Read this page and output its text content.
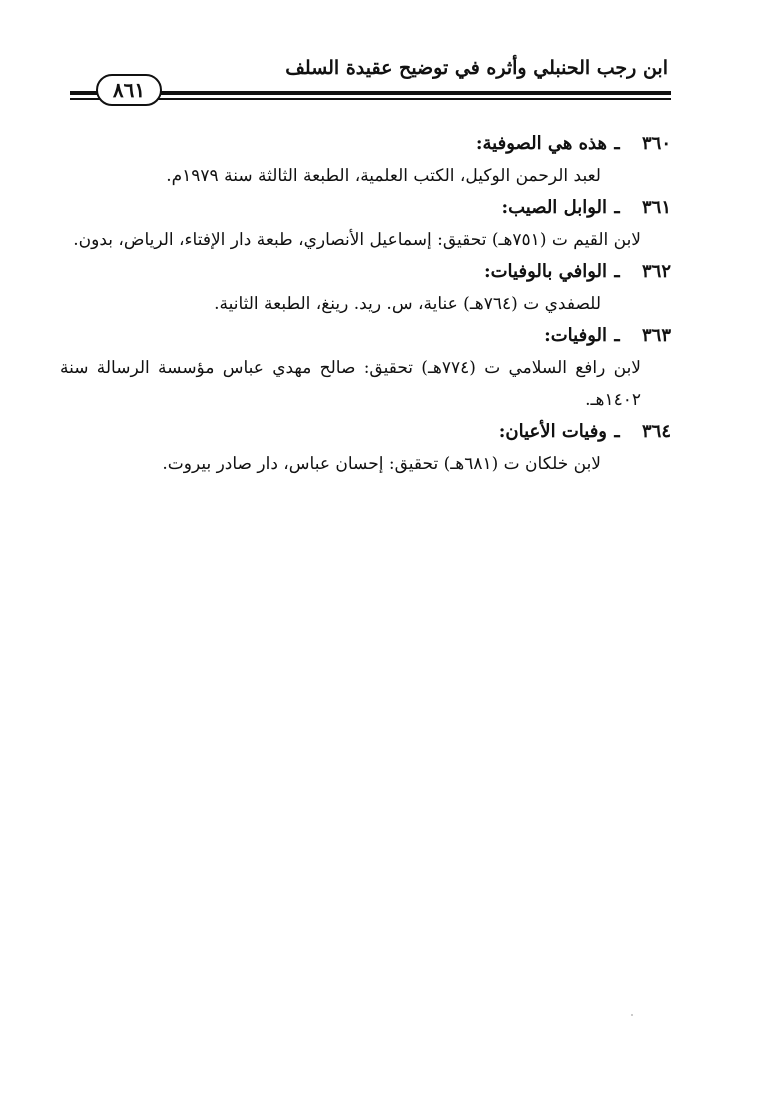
ابن رجب الحنبلي وأثره في توضيح عقيدة السلف
٨٦١
٣٦٠
ـ
هذه هي الصوفية:
لعبد الرحمن الوكيل، الكتب العلمية، الطبعة الثالثة سنة ١٩٧٩م.
٣٦١
ـ
الوابل الصيب:
لابن القيم ت (٧٥١هـ) تحقيق: إسماعيل الأنصاري، طبعة دار الإفتاء، الرياض، بدون.
٣٦٢
ـ
الوافي بالوفيات:
للصفدي ت (٧٦٤هـ) عناية، س. ريد. رينغ، الطبعة الثانية.
٣٦٣
ـ
الوفيات:
لابن رافع السلامي ت (٧٧٤هـ) تحقيق: صالح مهدي عباس مؤسسة الرسالة سنة ١٤٠٢هـ.
٣٦٤
ـ
وفيات الأعيان:
لابن خلكان ت (٦٨١هـ) تحقيق: إحسان عباس، دار صادر بيروت.
